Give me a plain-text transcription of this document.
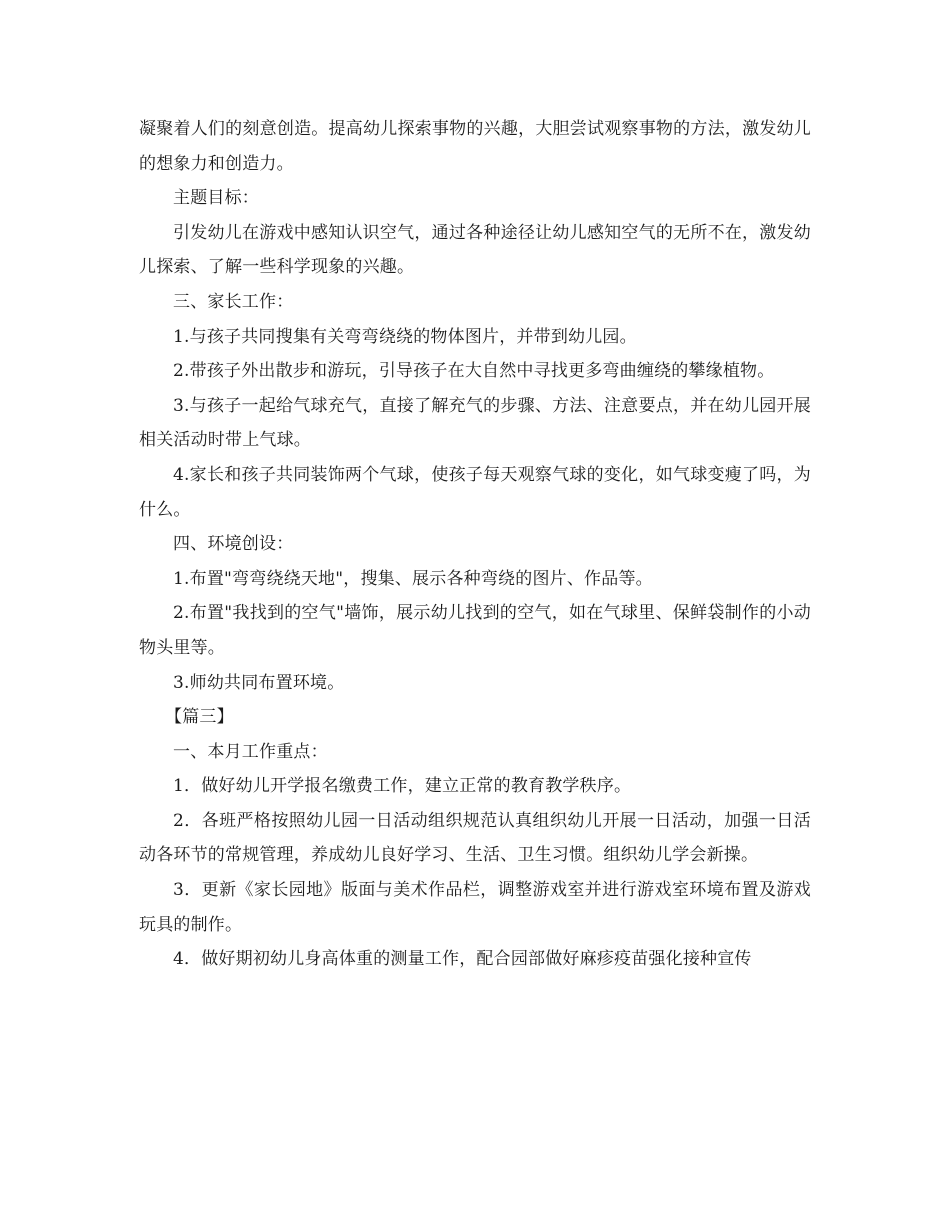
凝聚着人们的刻意创造。提高幼儿探索事物的兴趣，大胆尝试观察事物的方法，激发幼儿的想象力和创造力。

主题目标：

引发幼儿在游戏中感知认识空气，通过各种途径让幼儿感知空气的无所不在，激发幼儿探索、了解一些科学现象的兴趣。

三、家长工作：

1.与孩子共同搜集有关弯弯绕绕的物体图片，并带到幼儿园。

2.带孩子外出散步和游玩，引导孩子在大自然中寻找更多弯曲缠绕的攀缘植物。

3.与孩子一起给气球充气，直接了解充气的步骤、方法、注意要点，并在幼儿园开展相关活动时带上气球。

4.家长和孩子共同装饰两个气球，使孩子每天观察气球的变化，如气球变瘦了吗，为什么。

四、环境创设：

1.布置"弯弯绕绕天地"，搜集、展示各种弯绕的图片、作品等。

2.布置"我找到的空气"墙饰，展示幼儿找到的空气，如在气球里、保鲜袋制作的小动物头里等。

3.师幼共同布置环境。

【篇三】

一、本月工作重点：

1．做好幼儿开学报名缴费工作，建立正常的教育教学秩序。

2．各班严格按照幼儿园一日活动组织规范认真组织幼儿开展一日活动，加强一日活动各环节的常规管理，养成幼儿良好学习、生活、卫生习惯。组织幼儿学会新操。

3．更新《家长园地》版面与美术作品栏，调整游戏室并进行游戏室环境布置及游戏玩具的制作。

4．做好期初幼儿身高体重的测量工作，配合园部做好麻疹疫苗强化接种宣传
